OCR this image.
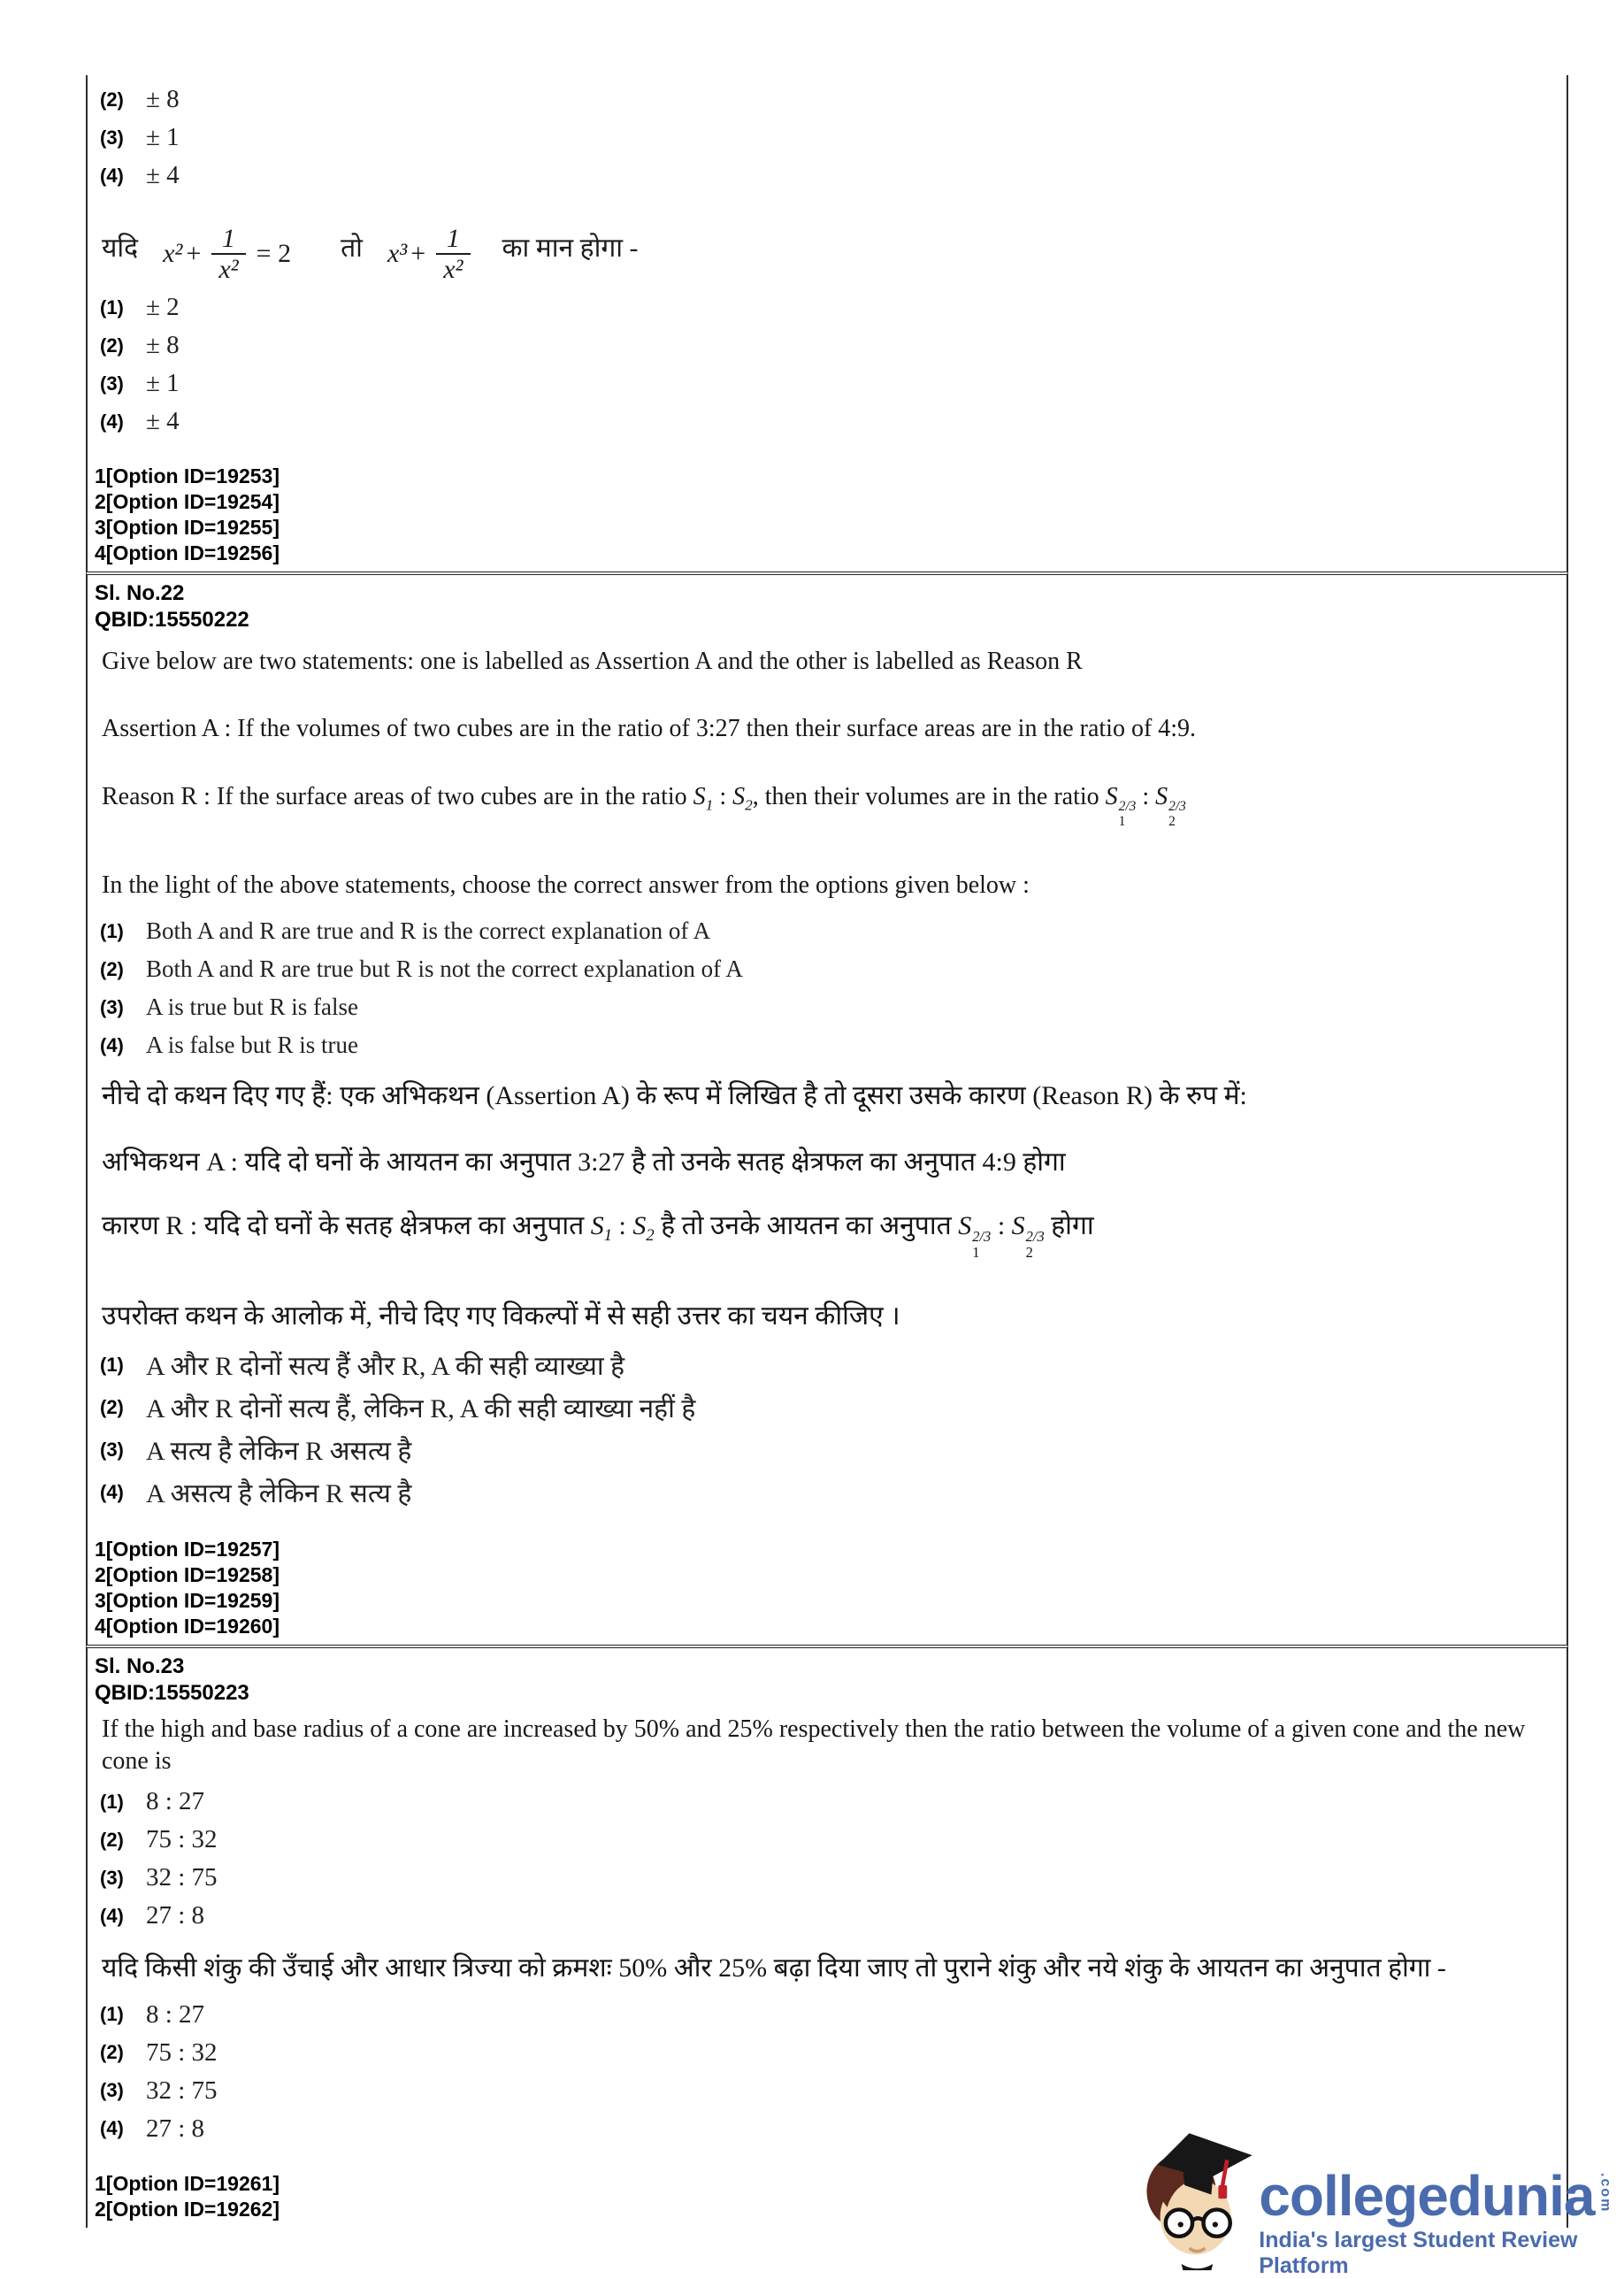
(2) ± 8
(3) ± 1
(4) ± 4
यदि $x^2 + \frac{1}{\text{x²}} = 2$ तो $x^3 + \frac{1}{\text{x²}}$ का मान होगा -
(1) ± 2
(2) ± 8
(3) ± 1
(4) ± 4
1[Option ID=19253]
2[Option ID=19254]
3[Option ID=19255]
4[Option ID=19256]
Sl. No.22
QBID:15550222
Give below are two statements: one is labelled as Assertion A and the other is labelled as Reason R
Assertion A : If the volumes of two cubes are in the ratio of 3:27 then their surface areas are in the ratio of 4:9.
Reason R : If the surface areas of two cubes are in the ratio $S_1$ : $S_2$, then their volumes are in the ratio S 2/3
1
: S 2/3
2
In the light of the above statements, choose the correct answer from the options given below :
(1) Both A and R are true and R is the correct explanation of A
(2) Both A and R are true but R is not the correct explanation of A
(3) A is true but R is false
(4) A is false but R is true
नीचे दो कथन दिए गए हैं: एक अभिकथन (Assertion A) के रूप में लिखित है तो दूसरा उसके कारण (Reason R) के रुप में:
अभिकथन A : यदि दो घनों के आयतन का अनुपात 3:27 है तो उनके सतह क्षेत्रफल का अनुपात 4:9 होगा
कारण R : यदि दो घनों के सतह क्षेत्रफल का अनुपात $S_1$ : $S_2$ है तो उनके आयतन का अनुपात S 2/3
1
: S 2/3
2
होगा
उपरोक्त कथन के आलोक में, नीचे दिए गए विकल्पों में से सही उत्तर का चयन कीजिए ।
(1) A और R दोनों सत्य हैं और R, A की सही व्याख्या है
(2) A और R दोनों सत्य हैं, लेकिन R, A की सही व्याख्या नहीं है
(3) A सत्य है लेकिन R असत्य है
(4) A असत्य है लेकिन R सत्य है
1[Option ID=19257]
2[Option ID=19258]
3[Option ID=19259]
4[Option ID=19260]
Sl. No.23
QBID:15550223
If the high and base radius of a cone are increased by 50% and 25% respectively then the ratio between the volume of a given cone and the new cone is
(1) 8 : 27
(2) 75 : 32
(3) 32 : 75
(4) 27 : 8
यदि किसी शंकु की उँचाई और आधार त्रिज्या को क्रमशः 50% और 25% बढ़ा दिया जाए तो पुराने शंकु और नये शंकु के आयतन का अनुपात होगा -
(1) 8 : 27
(2) 75 : 32
(3) 32 : 75
(4) 27 : 8
1[Option ID=19261]
2[Option ID=19262]	collegedunia .com
India's largest Student Review Platform
